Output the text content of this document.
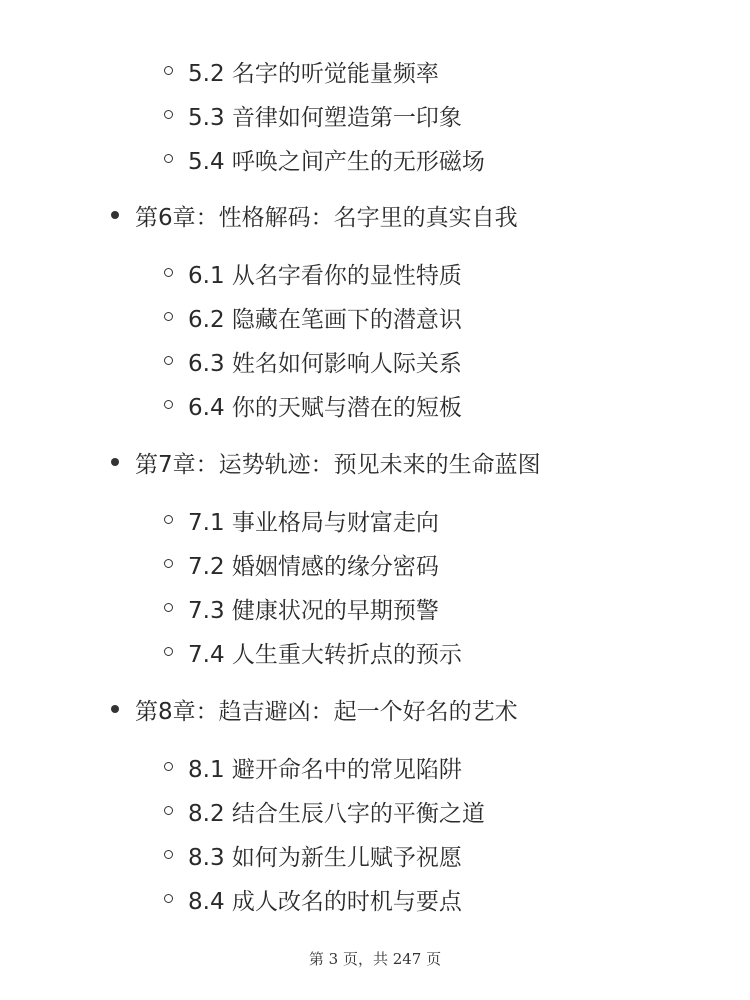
5.2 名字的听觉能量频率
5.3 音律如何塑造第一印象
5.4 呼唤之间产生的无形磁场
第6章：性格解码：名字里的真实自我
6.1 从名字看你的显性特质
6.2 隐藏在笔画下的潜意识
6.3 姓名如何影响人际关系
6.4 你的天赋与潜在的短板
第7章：运势轨迹：预见未来的生命蓝图
7.1 事业格局与财富走向
7.2 婚姻情感的缘分密码
7.3 健康状况的早期预警
7.4 人生重大转折点的预示
第8章：趋吉避凶：起一个好名的艺术
8.1 避开命名中的常见陷阱
8.2 结合生辰八字的平衡之道
8.3 如何为新生儿赋予祝愿
8.4 成人改名的时机与要点
第 3 页，共 247 页
